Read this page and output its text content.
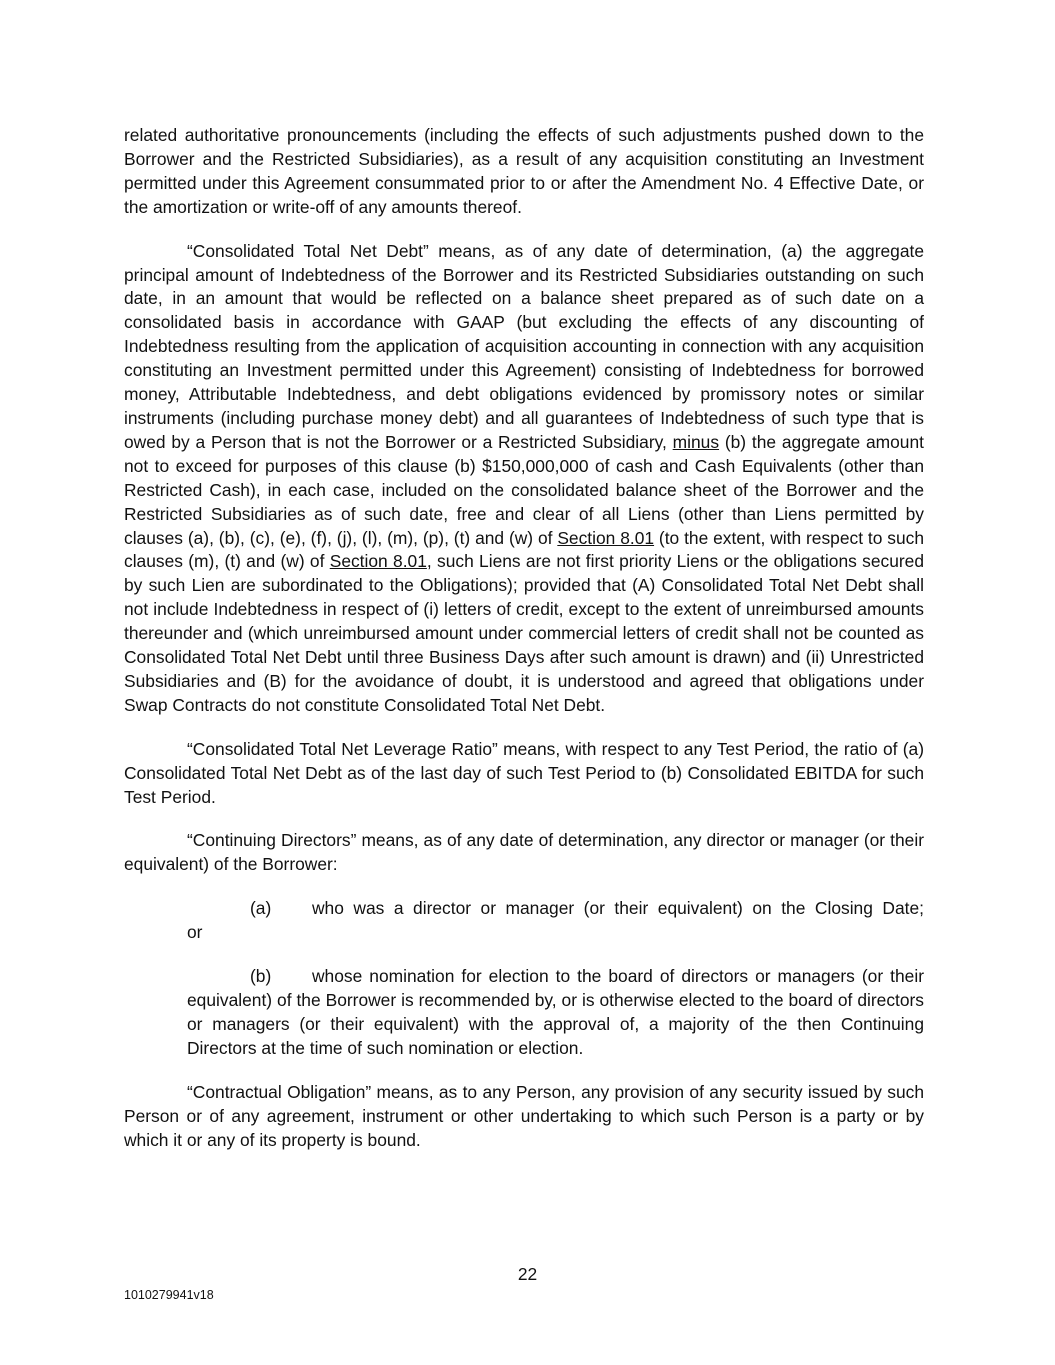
related authoritative pronouncements (including the effects of such adjustments pushed down to the Borrower and the Restricted Subsidiaries), as a result of any acquisition constituting an Investment permitted under this Agreement consummated prior to or after the Amendment No. 4 Effective Date, or the amortization or write-off of any amounts thereof.

“Consolidated Total Net Debt” means, as of any date of determination, (a) the aggregate principal amount of Indebtedness of the Borrower and its Restricted Subsidiaries outstanding on such date, in an amount that would be reflected on a balance sheet prepared as of such date on a consolidated basis in accordance with GAAP (but excluding the effects of any discounting of Indebtedness resulting from the application of acquisition accounting in connection with any acquisition constituting an Investment permitted under this Agreement) consisting of Indebtedness for borrowed money, Attributable Indebtedness, and debt obligations evidenced by promissory notes or similar instruments (including purchase money debt) and all guarantees of Indebtedness of such type that is owed by a Person that is not the Borrower or a Restricted Subsidiary, minus (b) the aggregate amount not to exceed for purposes of this clause (b) $150,000,000 of cash and Cash Equivalents (other than Restricted Cash), in each case, included on the consolidated balance sheet of the Borrower and the Restricted Subsidiaries as of such date, free and clear of all Liens (other than Liens permitted by clauses (a), (b), (c), (e), (f), (j), (l), (m), (p), (t) and (w) of Section 8.01 (to the extent, with respect to such clauses (m), (t) and (w) of Section 8.01, such Liens are not first priority Liens or the obligations secured by such Lien are subordinated to the Obligations); provided that (A) Consolidated Total Net Debt shall not include Indebtedness in respect of (i) letters of credit, except to the extent of unreimbursed amounts thereunder and (which unreimbursed amount under commercial letters of credit shall not be counted as Consolidated Total Net Debt until three Business Days after such amount is drawn) and (ii) Unrestricted Subsidiaries and (B) for the avoidance of doubt, it is understood and agreed that obligations under Swap Contracts do not constitute Consolidated Total Net Debt.

“Consolidated Total Net Leverage Ratio” means, with respect to any Test Period, the ratio of (a) Consolidated Total Net Debt as of the last day of such Test Period to (b) Consolidated EBITDA for such Test Period.

“Continuing Directors” means, as of any date of determination, any director or manager (or their equivalent) of the Borrower:

(a) who was a director or manager (or their equivalent) on the Closing Date;
or

(b) whose nomination for election to the board of directors or managers (or their equivalent) of the Borrower is recommended by, or is otherwise elected to the board of directors or managers (or their equivalent) with the approval of, a majority of the then Continuing Directors at the time of such nomination or election.

“Contractual Obligation” means, as to any Person, any provision of any security issued by such Person or of any agreement, instrument or other undertaking to which such Person is a party or by which it or any of its property is bound.

22
1010279941v18
